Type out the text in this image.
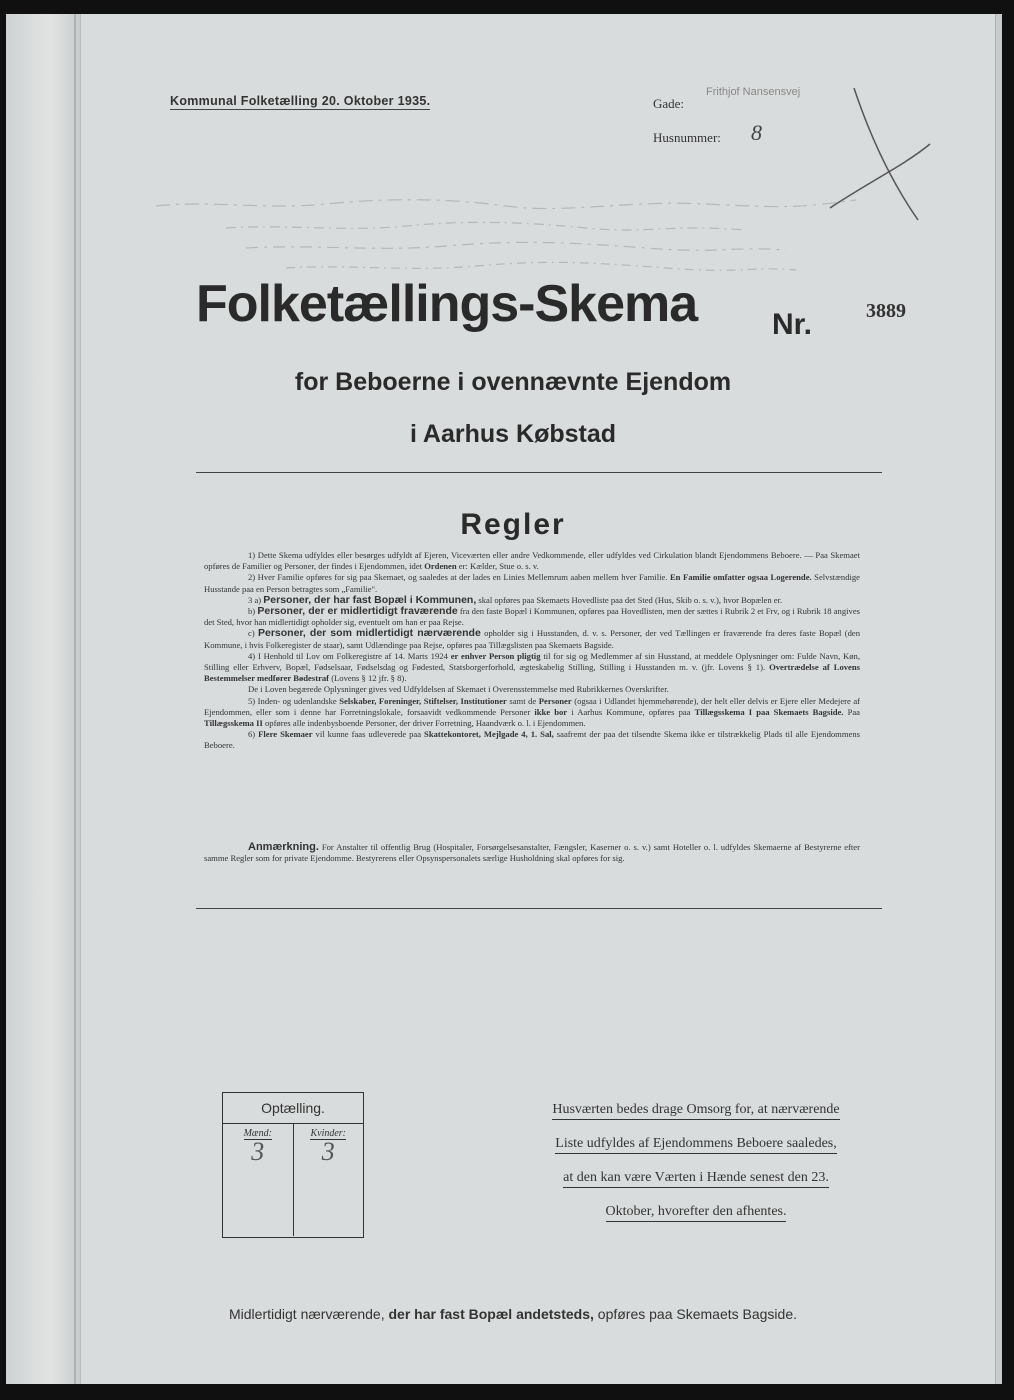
Kommunal Folketælling 20. Oktober 1935.	Gade:
Frithjof Nansensvej
Husnummer: 8
Folketællings-Skema Nr.	3889
for Beboerne i ovennævnte Ejendom
i Aarhus Købstad
Regler

1) Dette Skema udfyldes eller besørges udfyldt af Ejeren, Viceværten eller andre Vedkommende, eller udfyldes ved Cirkulation blandt Ejendommens Beboere. — Paa Skemaet opføres de Familier og Personer, der findes i Ejendommen, idet Ordenen er: Kælder, Stue o. s. v.

2) Hver Familie opføres for sig paa Skemaet, og saaledes at der lades en Linies Mellemrum aaben mellem hver Familie. En Familie omfatter ogsaa Logerende. Selvstændige Husstande paa en Person betragtes som „Familie".

3 a) Personer, der har fast Bopæl i Kommunen, skal opføres paa Skemaets Hovedliste paa det Sted (Hus, Skib o. s. v.), hvor Bopælen er.

b) Personer, der er midlertidigt fraværende fra den faste Bopæl i Kommunen, opføres paa Hovedlisten, men der sættes i Rubrik 2 et Frv, og i Rubrik 18 angives det Sted, hvor han midlertidigt opholder sig, eventuelt om han er paa Rejse.

c) Personer, der som midlertidigt nærværende opholder sig i Husstanden, d. v. s. Personer, der ved Tællingen er fraværende fra deres faste Bopæl (den Kommune, i hvis Folkeregister de staar), samt Udlændinge paa Rejse, opføres paa Tillægslisten paa Skemaets Bagside.

4) I Henhold til Lov om Folkeregistre af 14. Marts 1924 er enhver Person pligtig til for sig og Medlemmer af sin Husstand, at meddele Oplysninger om: Fulde Navn, Køn, Stilling eller Erhverv, Bopæl, Fødselsaar, Fødselsdag og Fødested, Statsborgerforhold, ægteskabelig Stilling, Stilling i Husstanden m. v. (jfr. Lovens § 1). Overtrædelse af Lovens Bestemmelser medfører Bødestraf (Lovens § 12 jfr. § 8).

De i Loven begærede Oplysninger gives ved Udfyldelsen af Skemaet i Overensstemmelse med Rubrikkernes Overskrifter.

5) Inden- og udenlandske Selskaber, Foreninger, Stiftelser, Institutioner samt de Personer (ogsaa i Udlandet hjemmehørende), der helt eller delvis er Ejere eller Medejere af Ejendommen, eller som i denne har Forretningslokale, forsaavidt vedkommende Personer ikke bor i Aarhus Kommune, opføres paa Tillægsskema I paa Skemaets Bagside. Paa Tillægsskema II opføres alle indenbysboende Personer, der driver Forretning, Haandværk o. l. i Ejendommen.

6) Flere Skemaer vil kunne faas udleverede paa Skattekontoret, Mejlgade 4, 1. Sal, saafremt der paa det tilsendte Skema ikke er tilstrækkelig Plads til alle Ejendommens Beboere.

Anmærkning. For Anstalter til offentlig Brug (Hospitaler, Forsørgelsesanstalter, Fængsler, Kaserner o. s. v.) samt Hoteller o. l. udfyldes Skemaerne af Bestyrerne efter samme Regler som for private Ejendomme. Bestyrerens eller Opsynspersonalets særlige Husholdning skal opføres for sig.

Optælling.
Mænd:
3
Kvinder:
3
Husværten bedes drage Omsorg for, at nærværende
Liste udfyldes af Ejendommens Beboere saaledes,
at den kan være Værten i Hænde senest den 23.
Oktober, hvorefter den afhentes.
Midlertidigt nærværende, der har fast Bopæl andetsteds, opføres paa Skemaets Bagside.
